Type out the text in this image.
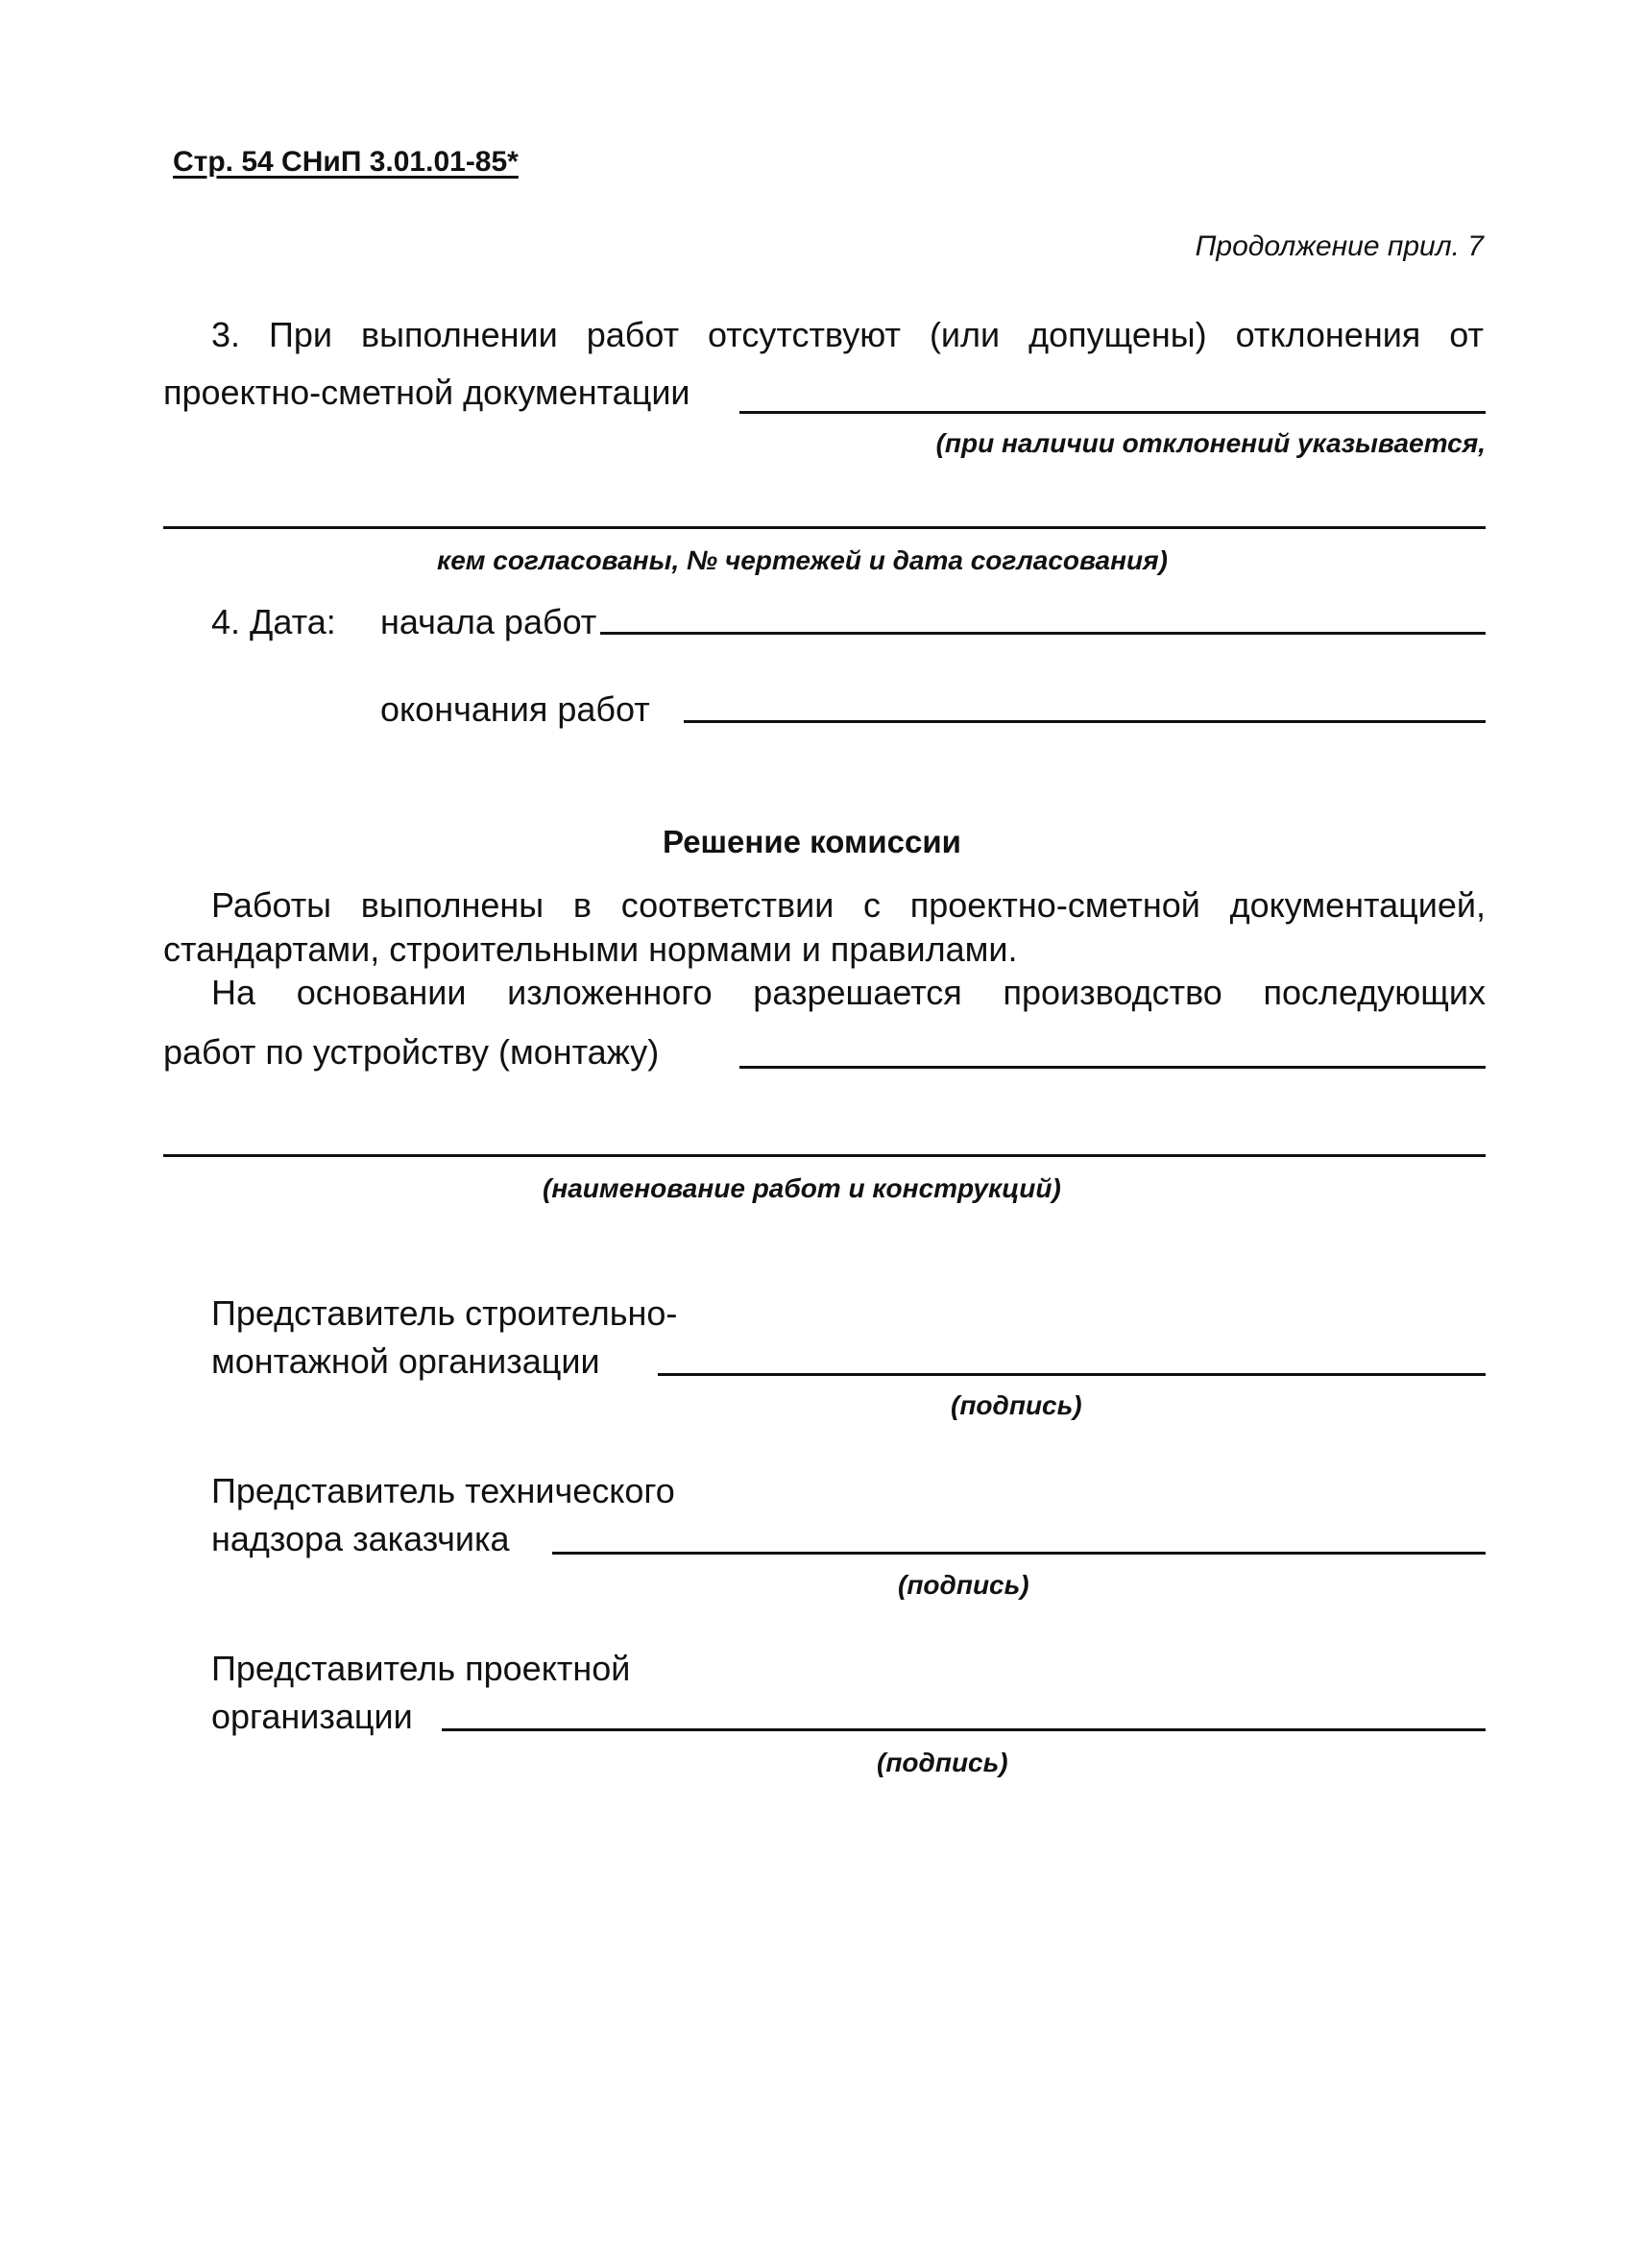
Стр. 54 СНиП 3.01.01-85*
Продолжение прил. 7
3. При выполнении работ отсутствуют (или допущены) отклонения от
проектно-сметной документации
(при наличии отклонений указывается,
кем согласованы, № чертежей и дата согласования)
4. Дата: начала работ
окончания работ
Решение комиссии
Работы выполнены в соответствии с проектно-сметной документацией,
стандартами, строительными нормами и правилами.
На основании изложенного разрешается производство последующих
работ по устройству (монтажу)
(наименование работ и конструкций)
Представитель строительно-
монтажной организации
(подпись)
Представитель технического
надзора заказчика
(подпись)
Представитель проектной
организации
(подпись)
